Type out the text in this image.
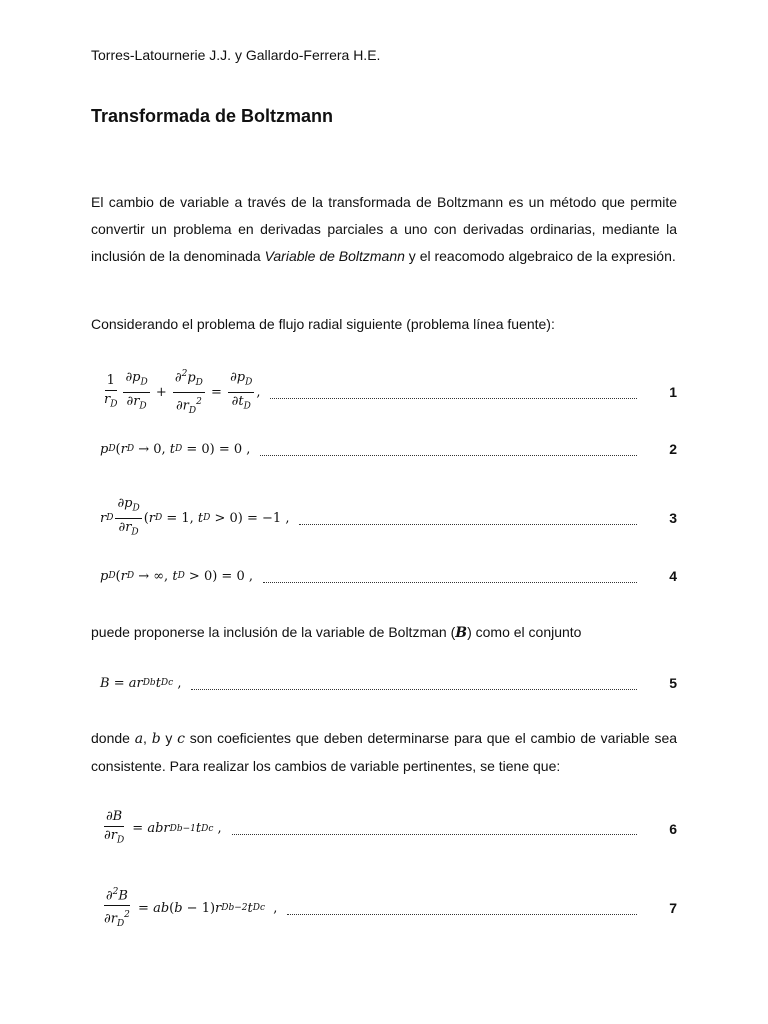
Torres-Latournerie J.J. y Gallardo-Ferrera H.E.
Transformada de Boltzmann
El cambio de variable a través de la transformada de Boltzmann es un método que permite convertir un problema en derivadas parciales a uno con derivadas ordinarias, mediante la inclusión de la denominada Variable de Boltzmann y el reacomodo algebraico de la expresión.
Considerando el problema de flujo radial siguiente (problema línea fuente):
$\frac{1}{r_D} \frac{\partial p_D}{\partial r_D} + \frac{\partial^2p_D}{\partial r_D^2} = \frac{\partial p_D}{\partial t_D}$ ,	1
p D ( r D → 0, t D = 0) = 0 ,	2
r D $\frac{\partial p_D}{\partial r_D}$ ( r D = 1, t D > 0) = −1 ,	3
p D ( r D → ∞, t D > 0) = 0 ,	4
puede proponerse la inclusión de la variable de Boltzman (B) como el conjunto
B = ar D b t D c ,	5
donde a, b y c son coeficientes que deben determinarse para que el cambio de variable sea consistente. Para realizar los cambios de variable pertinentes, se tiene que:
$\frac{\partial B}{\partial r_D}$ = abr D b−1 t D c ,	6
$\frac{\partial^2B}{\partial r_D^2}$ = ab ( b − 1) r D b−2 t D c ,	7
